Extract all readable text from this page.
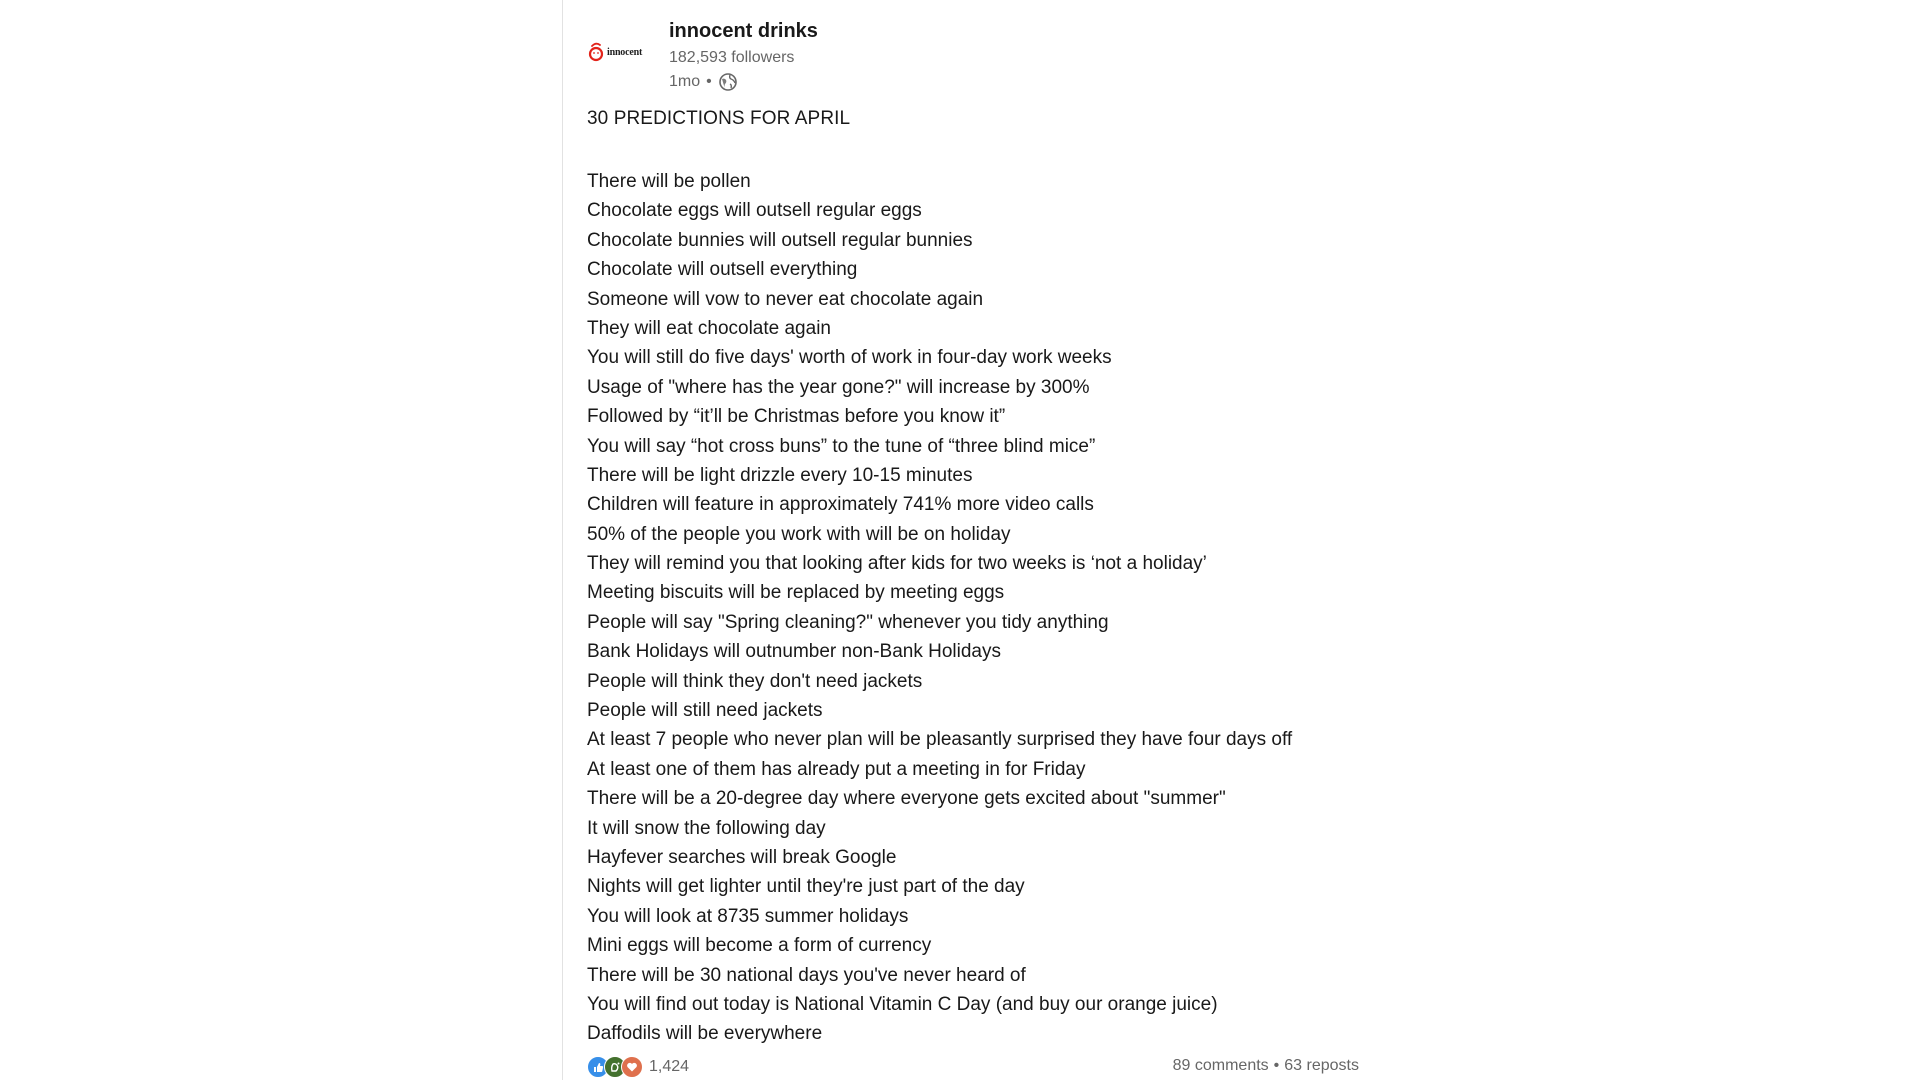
innocent
innocent drinks
182,593 followers
1mo •
30 PREDICTIONS FOR APRIL
There will be pollen
Chocolate eggs will outsell regular eggs
Chocolate bunnies will outsell regular bunnies
Chocolate will outsell everything
Someone will vow to never eat chocolate again
They will eat chocolate again
You will still do five days' worth of work in four-day work weeks
Usage of "where has the year gone?" will increase by 300%
Followed by “it’ll be Christmas before you know it”
You will say “hot cross buns” to the tune of “three blind mice”
There will be light drizzle every 10-15 minutes
Children will feature in approximately 741% more video calls
50% of the people you work with will be on holiday
They will remind you that looking after kids for two weeks is ‘not a holiday’
Meeting biscuits will be replaced by meeting eggs
People will say "Spring cleaning?" whenever you tidy anything
Bank Holidays will outnumber non-Bank Holidays
People will think they don't need jackets
People will still need jackets
At least 7 people who never plan will be pleasantly surprised they have four days off
At least one of them has already put a meeting in for Friday
There will be a 20-degree day where everyone gets excited about "summer"
It will snow the following day
Hayfever searches will break Google
Nights will get lighter until they're just part of the day
You will look at 8735 summer holidays
Mini eggs will become a form of currency
There will be 30 national days you've never heard of
You will find out today is National Vitamin C Day (and buy our orange juice)
Daffodils will be everywhere
1,424	89 comments • 63 reposts
